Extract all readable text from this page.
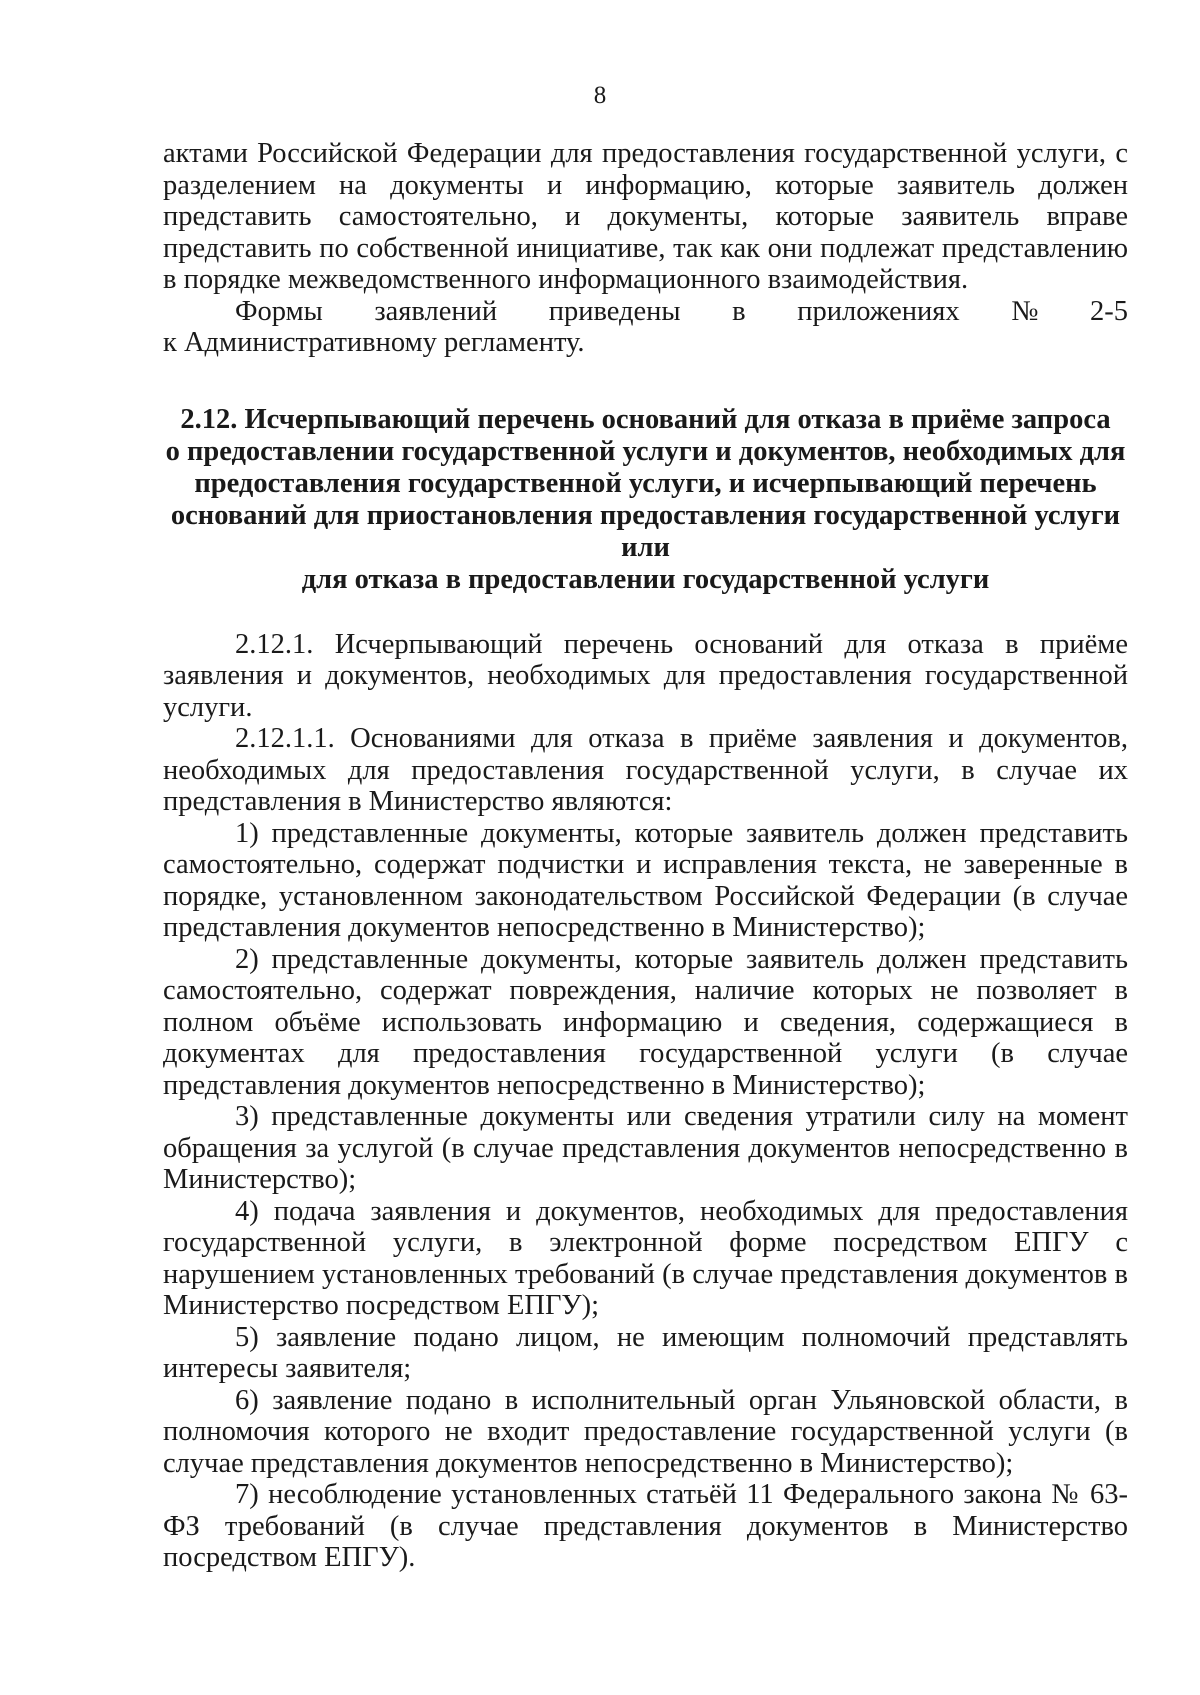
8

актами Российской Федерации для предоставления государственной услуги, с разделением на документы и информацию, которые заявитель должен представить самостоятельно, и документы, которые заявитель вправе представить по собственной инициативе, так как они подлежат представлению в порядке межведомственного информационного взаимодействия.

Формы заявлений приведены в приложениях № 2-5

к Административному регламенту.

2.12. Исчерпывающий перечень оснований для отказа в приёме запроса
о предоставлении государственной услуги и документов, необходимых для
предоставления государственной услуги, и исчерпывающий перечень
оснований для приостановления предоставления государственной услуги или
для отказа в предоставлении государственной услуги

2.12.1. Исчерпывающий перечень оснований для отказа в приёме заявления и документов, необходимых для предоставления государственной услуги.

2.12.1.1. Основаниями для отказа в приёме заявления и документов, необходимых для предоставления государственной услуги, в случае их представления в Министерство являются:

1) представленные документы, которые заявитель должен представить самостоятельно, содержат подчистки и исправления текста, не заверенные в порядке, установленном законодательством Российской Федерации (в случае представления документов непосредственно в Министерство);

2) представленные документы, которые заявитель должен представить самостоятельно, содержат повреждения, наличие которых не позволяет в полном объёме использовать информацию и сведения, содержащиеся в документах для предоставления государственной услуги (в случае представления документов непосредственно в Министерство);

3) представленные документы или сведения утратили силу на момент обращения за услугой (в случае представления документов непосредственно в Министерство);

4) подача заявления и документов, необходимых для предоставления государственной услуги, в электронной форме посредством ЕПГУ с нарушением установленных требований (в случае представления документов в Министерство посредством ЕПГУ);

5) заявление подано лицом, не имеющим полномочий представлять интересы заявителя;

6) заявление подано в исполнительный орган Ульяновской области, в полномочия которого не входит предоставление государственной услуги (в случае представления документов непосредственно в Министерство);

7) несоблюдение установленных статьёй 11 Федерального закона № 63-ФЗ требований (в случае представления документов в Министерство посредством ЕПГУ).
